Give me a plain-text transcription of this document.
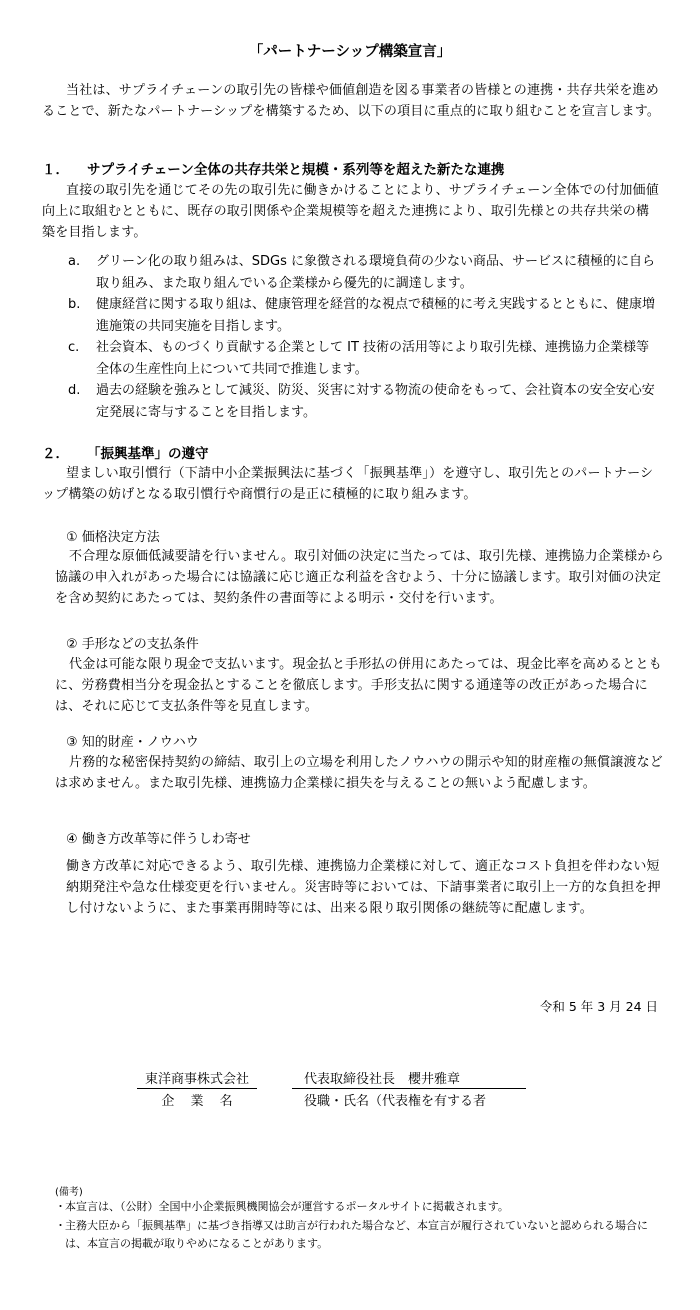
「パートナーシップ構築宣言」
当社は、サプライチェーンの取引先の皆様や価値創造を図る事業者の皆様との連携・共存共栄を進めることで、新たなパートナーシップを構築するため、以下の項目に重点的に取り組むことを宣言します。
１． サプライチェーン全体の共存共栄と規模・系列等を超えた新たな連携
直接の取引先を通じてその先の取引先に働きかけることにより、サプライチェーン全体での付加価値向上に取組むとともに、既存の取引関係や企業規模等を超えた連携により、取引先様との共存共栄の構築を目指します。
a. グリーン化の取り組みは、SDGs に象徴される環境負荷の少ない商品、サービスに積極的に自ら取り組み、また取り組んでいる企業様から優先的に調達します。
b. 健康経営に関する取り組は、健康管理を経営的な視点で積極的に考え実践するとともに、健康増進施策の共同実施を目指します。
c. 社会資本、ものづくり貢献する企業として IT 技術の活用等により取引先様、連携協力企業様等全体の生産性向上について共同で推進します。
d. 過去の経験を強みとして減災、防災、災害に対する物流の使命をもって、会社資本の安全安心安定発展に寄与することを目指します。
２． 「振興基準」の遵守
望ましい取引慣行（下請中小企業振興法に基づく「振興基準」）を遵守し、取引先とのパートナーシップ構築の妨げとなる取引慣行や商慣行の是正に積極的に取り組みます。
① 価格決定方法
不合理な原価低減要請を行いません。取引対価の決定に当たっては、取引先様、連携協力企業様から協議の申入れがあった場合には協議に応じ適正な利益を含むよう、十分に協議します。取引対価の決定を含め契約にあたっては、契約条件の書面等による明示・交付を行います。
② 手形などの支払条件
代金は可能な限り現金で支払います。現金払と手形払の併用にあたっては、現金比率を高めるとともに、労務費相当分を現金払とすることを徹底します。手形支払に関する通達等の改正があった場合には、それに応じて支払条件等を見直します。
③ 知的財産・ノウハウ
片務的な秘密保持契約の締結、取引上の立場を利用したノウハウの開示や知的財産権の無償譲渡などは求めません。また取引先様、連携協力企業様に損失を与えることの無いよう配慮します。
④ 働き方改革等に伴うしわ寄せ
働き方改革に対応できるよう、取引先様、連携協力企業様に対して、適正なコスト負担を伴わない短納期発注や急な仕様変更を行いません。災害時等においては、下請事業者に取引上一方的な負担を押し付けないように、また事業再開時等には、出来る限り取引関係の継続等に配慮します。
令和 5 年 3 月 24 日
東洋商事株式会社	代表取締役社長　櫻井雅章
企 業 名	役職・氏名（代表権を有する者
(備考)
・ 本宣言は、（公財）全国中小企業振興機関協会が運営するポータルサイトに掲載されます。
・ 主務大臣から「振興基準」に基づき指導又は助言が行われた場合など、本宣言が履行されていないと認められる場合には、本宣言の掲載が取りやめになることがあります。
